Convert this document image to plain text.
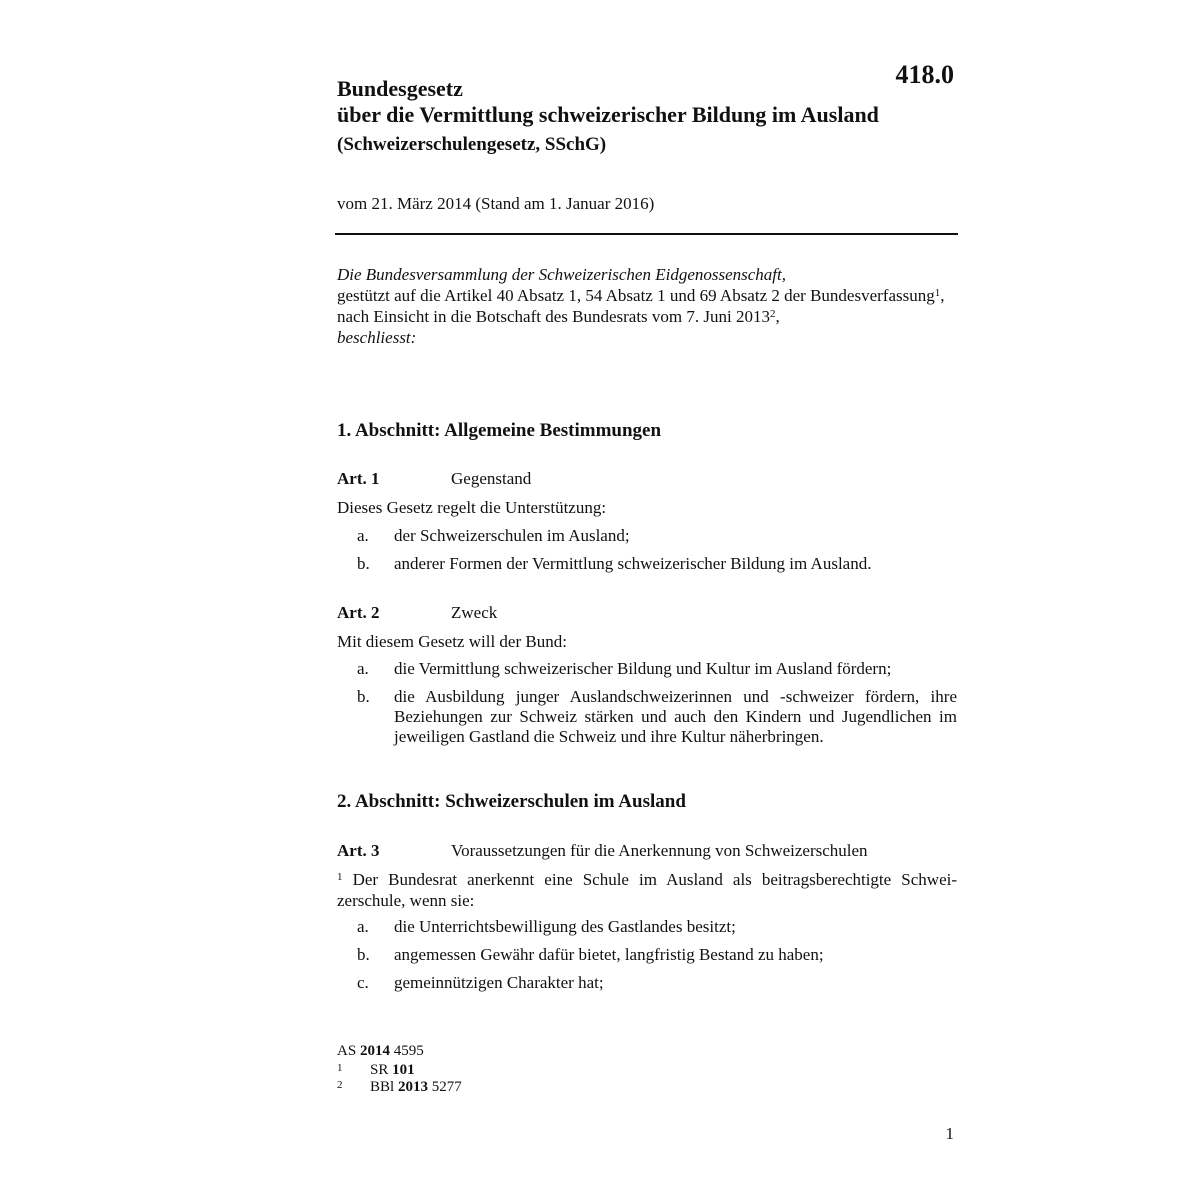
418.0
Bundesgesetz
über die Vermittlung schweizerischer Bildung im Ausland
(Schweizerschulengesetz, SSchG)
vom 21. März 2014 (Stand am 1. Januar 2016)
Die Bundesversammlung der Schweizerischen Eidgenossenschaft,
gestützt auf die Artikel 40 Absatz 1, 54 Absatz 1 und 69 Absatz 2 der Bundesverfassung$^1$,
nach Einsicht in die Botschaft des Bundesrats vom 7. Juni 2013$^2$,
beschliesst:
1. Abschnitt: Allgemeine Bestimmungen
Art. 1	Gegenstand
Dieses Gesetz regelt die Unterstützung:
a. der Schweizerschulen im Ausland;
b. anderer Formen der Vermittlung schweizerischer Bildung im Ausland.
Art. 2	Zweck
Mit diesem Gesetz will der Bund:
a. die Vermittlung schweizerischer Bildung und Kultur im Ausland fördern;
b. die Ausbildung junger Auslandschweizerinnen und -schweizer fördern, ihre Beziehungen zur Schweiz stärken und auch den Kindern und Jugendlichen im jeweiligen Gastland die Schweiz und ihre Kultur näherbringen.
2. Abschnitt: Schweizerschulen im Ausland
Art. 3	Voraussetzungen für die Anerkennung von Schweizerschulen
$^1$ Der Bundesrat anerkennt eine Schule im Ausland als beitragsberechtigte Schwei-zerschule, wenn sie:
a. die Unterrichtsbewilligung des Gastlandes besitzt;
b. angemessen Gewähr dafür bietet, langfristig Bestand zu haben;
c. gemeinnützigen Charakter hat;
AS 2014 4595
1 SR 101
2 BBl 2013 5277
1
